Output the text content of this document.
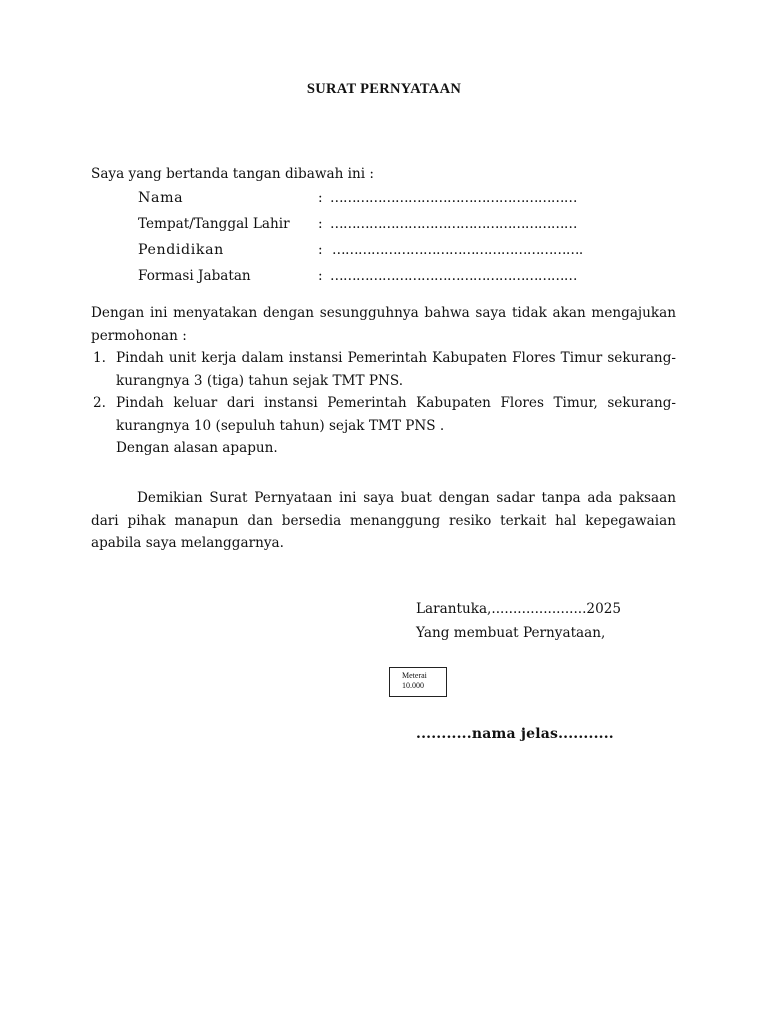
SURAT PERNYATAAN
Saya yang bertanda tangan dibawah ini :
Nama	: …………………………………………………
Tempat/Tanggal Lahir : …………………………………………………
Pendidikan	: ………………………………………………….
Formasi Jabatan	: …………………………………………………
Dengan ini menyatakan dengan sesungguhnya bahwa saya tidak akan mengajukan permohonan :
1. Pindah unit kerja dalam instansi Pemerintah Kabupaten Flores Timur sekurang-kurangnya 3 (tiga) tahun sejak TMT PNS.
2. Pindah keluar dari instansi Pemerintah Kabupaten Flores Timur, sekurang-kurangnya 10 (sepuluh tahun) sejak TMT PNS .
Dengan alasan apapun.
Demikian Surat Pernyataan ini saya buat dengan sadar tanpa ada paksaan dari pihak manapun dan bersedia menanggung resiko terkait hal kepegawaian apabila saya melanggarnya.
Larantuka,......................2025
Yang membuat Pernyataan,
Meterai
10.000
...........nama jelas...........
